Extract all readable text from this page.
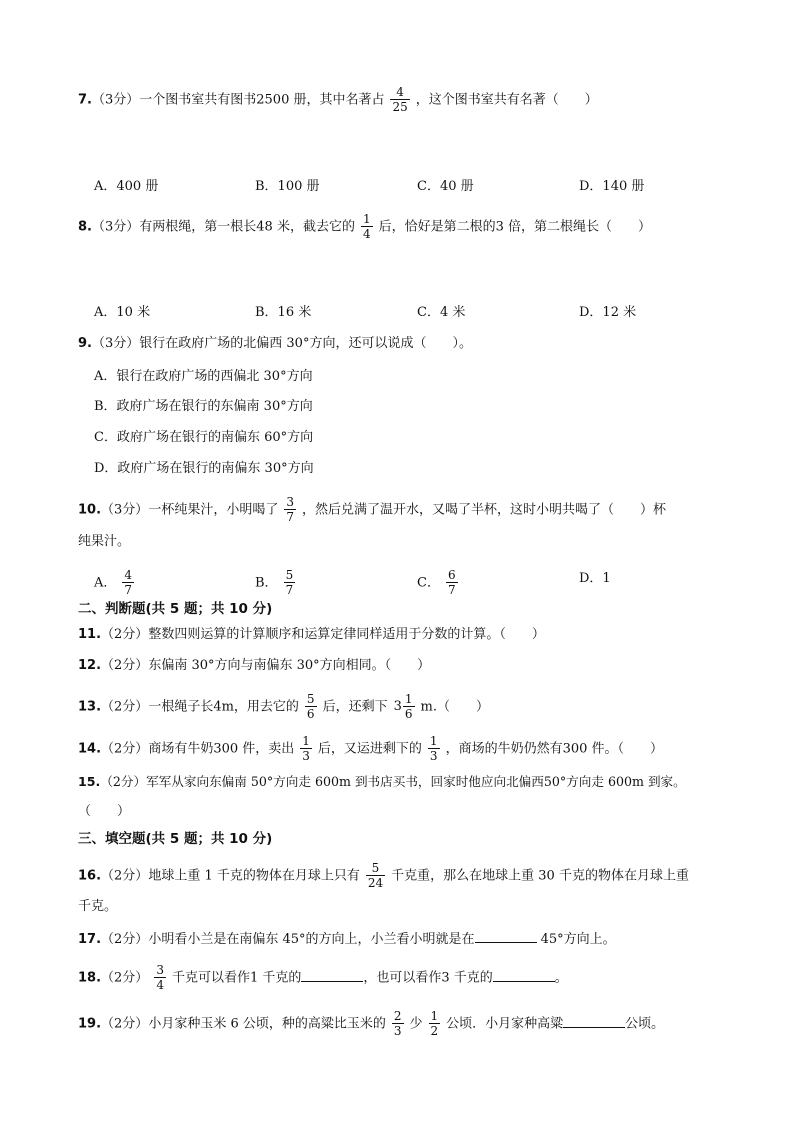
7.（3分）一个图书室共有图书2500 册，其中名著占 $\frac{4}{25}$ ，这个图书室共有名著（　　）
A．400 册	B．100 册	C．40 册	D．140 册
8.（3分）有两根绳，第一根长48 米，截去它的 $\frac{1}{4}$ 后，恰好是第二根的3 倍，第二根绳长（　　）
A．10 米	B．16 米	C．4 米	D．12 米
9.（3分）银行在政府广场的北偏西 30°方向，还可以说成（　　）。
A．银行在政府广场的西偏北 30°方向
B．政府广场在银行的东偏南 30°方向
C．政府广场在银行的南偏东 60°方向
D．政府广场在银行的南偏东 30°方向
10.（3分）一杯纯果汁，小明喝了 $\frac{3}{7}$ ，然后兑满了温开水，又喝了半杯，这时小明共喝了（　　）杯
纯果汁。
A． $\frac{4}{7}$	B． $\frac{5}{7}$	C． $\frac{6}{7}$	D．1
二、判断题(共 5 题；共 10 分)
11.（2分）整数四则运算的计算顺序和运算定律同样适用于分数的计算。（　　）
12.（2分）东偏南 30°方向与南偏东 30°方向相同。（　　）
13.（2分）一根绳子长4m，用去它的 $\frac{5}{6}$ 后，还剩下 $3 \frac{1}{6} m$.（　　）
14.（2分）商场有牛奶300 件，卖出 $\frac{1}{3}$ 后，又运进剩下的 $\frac{1}{3}$ ，商场的牛奶仍然有300 件。（　　）
15.（2分）军军从家向东偏南 50°方向走 600m 到书店买书，回家时他应向北偏西50°方向走 600m 到家。
（　　）
三、填空题(共 5 题；共 10 分)
16.（2分）地球上重 1 千克的物体在月球上只有 $\frac{5}{24}$ 千克重，那么在地球上重 30 千克的物体在月球上重
千克。
17.（2分）小明看小兰是在南偏东 45°的方向上，小兰看小明就是在	45°方向上。
18.（2分） $\frac{3}{4}$ 千克可以看作1 千克的	，也可以看作3 千克的	。
19.（2分）小月家种玉米 6 公顷，种的高粱比玉米的 $\frac{2}{3}$ 少 $\frac{1}{2}$ 公顷．小月家种高粱	公顷。
